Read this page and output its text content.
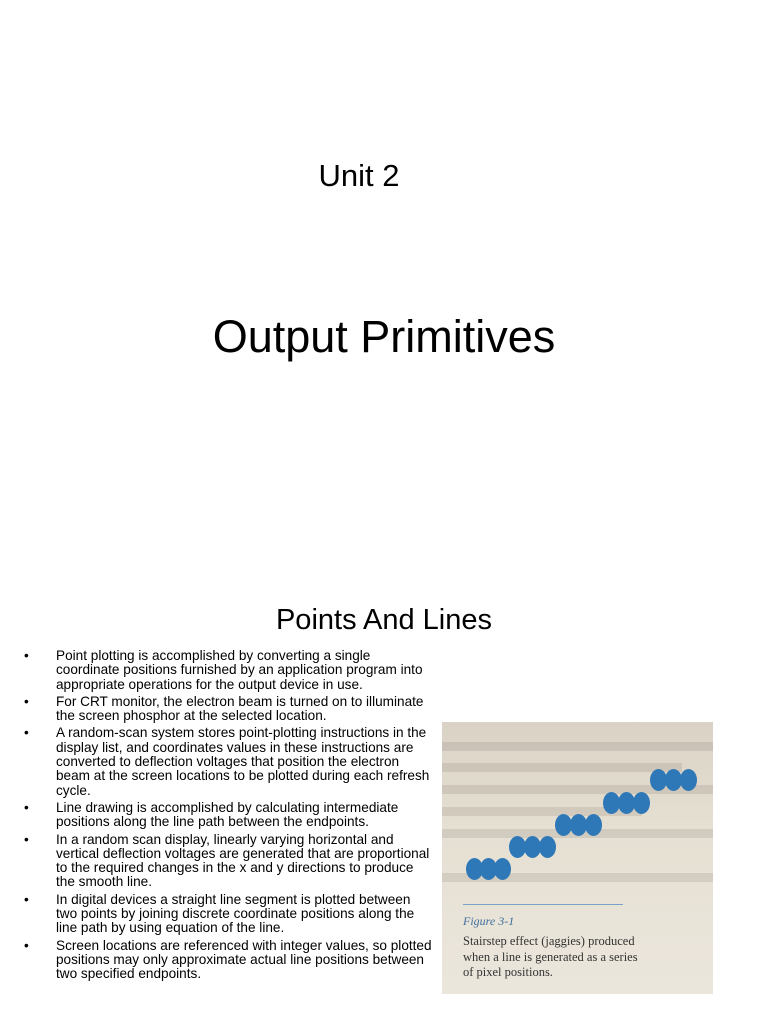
Unit 2
Output Primitives
Points And Lines
• Point plotting is accomplished by converting a single coordinate positions furnished by an application program into appropriate operations for the output device in use.
• For CRT monitor, the electron beam is turned on to illuminate the screen phosphor at the selected location.
• A random-scan system stores point-plotting instructions in the display list, and coordinates values in these instructions are converted to deflection voltages that position the electron beam at the screen locations to be plotted during each refresh cycle.
• Line drawing is accomplished by calculating intermediate positions along the line path between the endpoints.
• In a random scan display, linearly varying horizontal and vertical deflection voltages are generated that are proportional to the required changes in the x and y directions to produce the smooth line.
• In digital devices a straight line segment is plotted between two points by joining discrete coordinate positions along the line path by using equation of the line.
• Screen locations are referenced with integer values, so plotted positions may only approximate actual line positions between two specified endpoints.
Figure 3-1
Stairstep effect (jaggies) produced when a line is generated as a series of pixel positions.
